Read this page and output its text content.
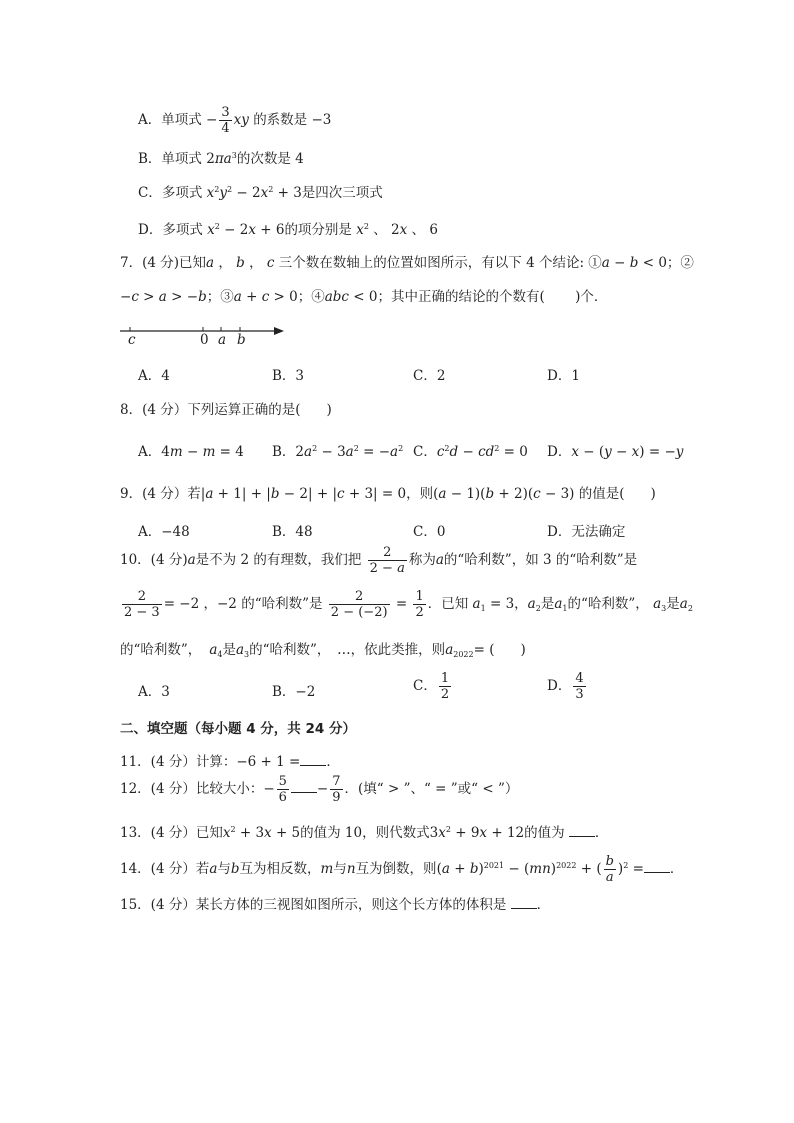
A．单项式 − $\frac{3}{4}$ xy 的系数是 −3
B．单项式 $2\pi a^3$的次数是 4
C．多项式 $x^2y^2 - 2x^2 + 3$是四次三项式
D．多项式 $x^2 - 2x + 6$的项分别是 $x^2$ 、 2x 、 6
7．(4 分)已知a ， b ， c 三个数在数轴上的位置如图所示，有以下 4 个结论: ①a − b < 0；②
−c > a > −b；③a + c > 0；④abc < 0；其中正确的结论的个数有( )个．
c	0 a b
A．4	B．3	C．2	D．1
8．(4 分）下列运算正确的是( )
A．4m − m = 4 B．$2a^2 - 3a^2 = -a^2$ C．$c^2d - cd^2 = 0$ D．x − (y − x) = −y
9．(4 分）若|a + 1| + |b − 2| + |c + 3| = 0，则(a − 1)(b + 2)(c − 3) 的值是( )
A．−48	B．48	C．0	D．无法确定
10．(4 分)a是不为 2 的有理数，我们把 $\frac{2}{2 - a}$ 称为a的“哈利数”，如 3 的“哈利数”是
$\frac{2}{2 - 3} = -2$ ，−2 的“哈利数”是 $\frac{2}{2 - (-2)} = \frac{1}{2}$ ．已知 $a_1 = 3$，$a_2$是$a_1$的“哈利数”， $a_3$是$a_2$
的“哈利数”， $a_4$是$a_3$的“哈利数”，　…，依此类推，则$a_{2022}=$ ( )
A．3	B．−2	C． $\frac{1}{2}$	D． $\frac{4}{3}$
二、填空题（每小题 4 分，共 24 分）
11．(4 分）计算：−6 + 1 = ．
12．(4 分）比较大小：− $\frac{5}{6} - \frac{7}{9}$ ．(填“ > ”、“ = ”或“ < ”）
13．(4 分）已知$x^2 + 3x + 5$的值为 10，则代数式$3x^2 + 9x + 12$的值为 ．
14．(4 分）若a与b互为相反数，m与n互为倒数，则$(a + b)^{2021} - (mn)^{2022}$ + ( $\frac{b}{a} )^2$ = ．
15．(4 分）某长方体的三视图如图所示，则这个长方体的体积是 ．
